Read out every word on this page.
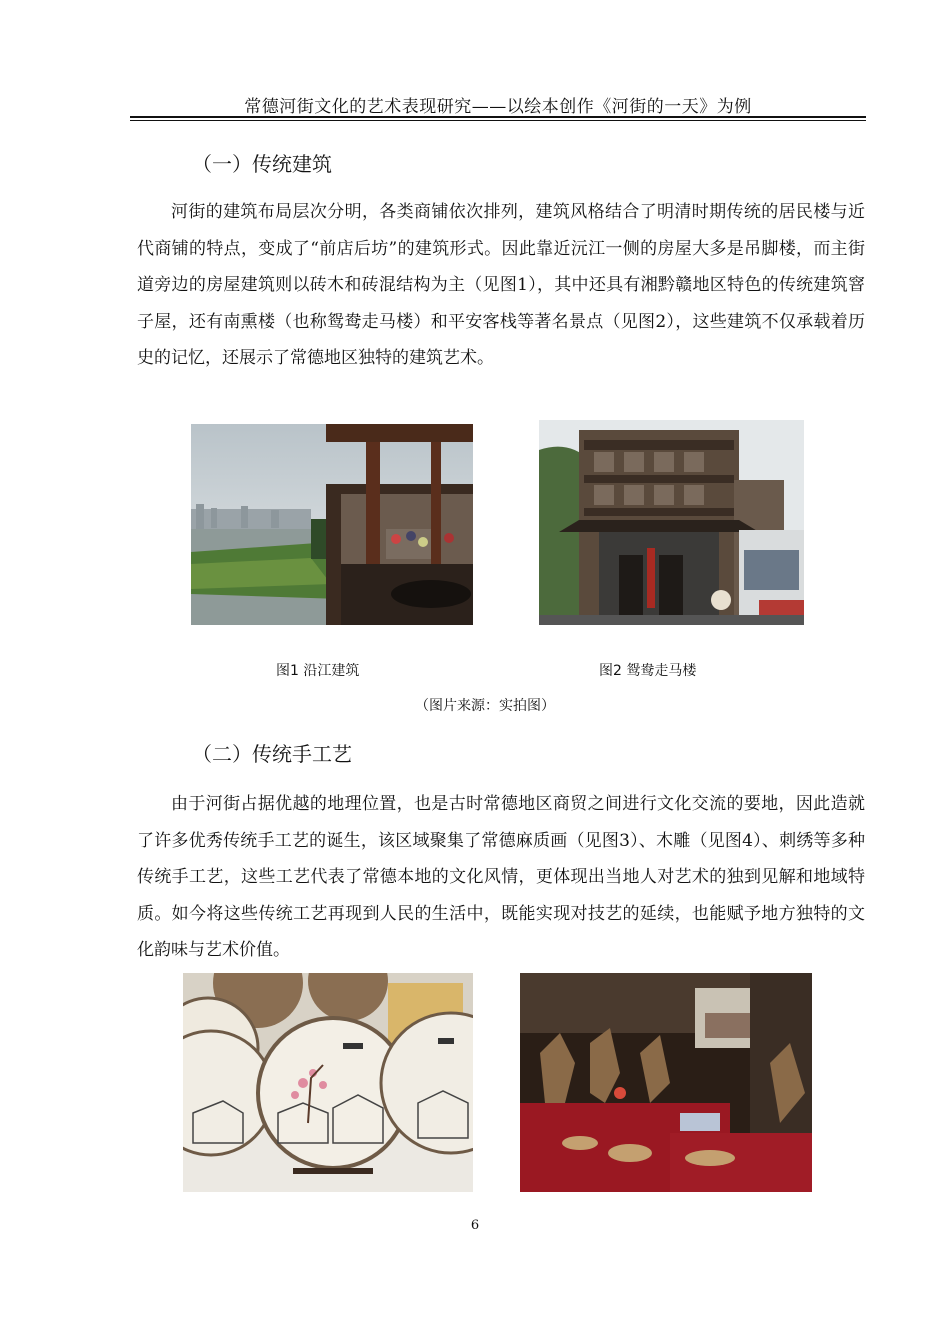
常德河街文化的艺术表现研究——以绘本创作《河街的一天》为例
（一）传统建筑

河街的建筑布局层次分明，各类商铺依次排列，建筑风格结合了明清时期传统的居民楼与近代商铺的特点，变成了“前店后坊”的建筑形式。因此靠近沅江一侧的房屋大多是吊脚楼，而主街道旁边的房屋建筑则以砖木和砖混结构为主（见图1），其中还具有湘黔赣地区特色的传统建筑窨子屋，还有南熏楼（也称鸳鸯走马楼）和平安客栈等著名景点（见图2），这些建筑不仅承载着历史的记忆，还展示了常德地区独特的建筑艺术。

图1 沿江建筑	图2 鸳鸯走马楼
（图片来源：实拍图）
（二）传统手工艺

由于河街占据优越的地理位置，也是古时常德地区商贸之间进行文化交流的要地，因此造就了许多优秀传统手工艺的诞生，该区域聚集了常德麻质画（见图3）、木雕（见图4）、刺绣等多种传统手工艺，这些工艺代表了常德本地的文化风情，更体现出当地人对艺术的独到见解和地域特质。如今将这些传统工艺再现到人民的生活中，既能实现对技艺的延续，也能赋予地方独特的文化韵味与艺术价值。

6
